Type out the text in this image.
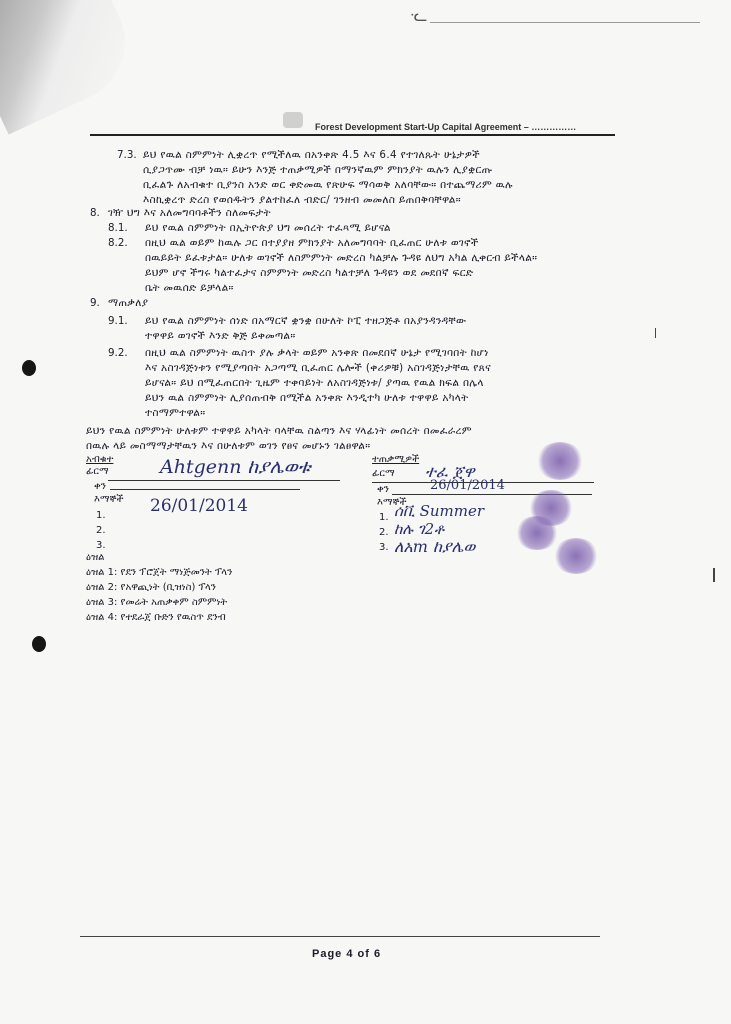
ᓦ
Forest Development Start-Up Capital Agreement – ……………
7.3. ይህ የዉል ስምምነት ሊቋረጥ የሚችለዉ በአንቀጽ 4.5 እና 6.4 የተገለጹት ሁኔታዎች
ሲያጋጥሙ ብቻ ነዉ። ይሁን እንጅ ተጠቃሚዎች በማንኛዉም ምክንያት ዉሉን ሊያቋርጡ
ቢፈልጉ ለአብቁተ ቢያንስ አንድ ወር ቀድመዉ የጽሁፍ ማሳወቅ አለባቸው። በተጨማሪም ዉሉ
እስኪቋረጥ ድረስ የወሰዱትን ያልተከፈለ ብድር/ ገንዘብ መመለስ ይጠበቅባቸዋል።
8. ገዥ ህግ እና አለመግባባቶችን ስለመፍታት
8.1. ይህ የዉል ስምምነት በኢትዮጵያ ህግ መሰረት ተፈጻሚ ይሆናል
8.2. በዚህ ዉል ወይም ከዉሉ ጋር በተያያዘ ምክንያት አለመግባባት ቢፈጠር ሁለቱ ወገኖች
በዉይይት ይፈቱታል። ሁለቱ ወገኖች ለስምምነት መድረስ ካልቻሉ ጉዳዩ ለህግ አካል ሊቀርብ ይችላል።
ይህም ሆኖ ችግሩ ካልተፈታና ስምምነት መድረስ ካልተቻለ ጉዳዩን ወደ መደበኛ ፍርድ
ቤት መዉሰድ ይቻላል።
9. ማጠቃለያ
9.1. ይህ የዉል ስምምነት ሰነድ በአማርኛ ቋንቋ በሁለት ኮፒ ተዘጋጅቶ በአያንዳንዳቸው
ተዋዋይ ወገኖች እንድ ቅጅ ይቀመጣል።
9.2. በዚህ ዉል ስምምነት ዉስጥ ያሉ ቃላት ወይም አንቀጽ በመደበኛ ሁኔታ የሚገባበት ከሆነ
እና አስገዳጅነቱን የሚያጣበት አጋጣሚ ቢፈጠር ሌሎች (ቀሪዎቹ) አስገዳጅነታቸዉ የጸና
ይሆናል። ይህ በሚፈጠርበት ጊዜም ተቀባይነት ለአስገዳጅነቱ/ ያጣዉ የዉል ክፍል በሌላ
ይህን ዉል ስምምነት ሊያሰጠብቅ በሚችል አንቀጽ እንዲተካ ሁለቱ ተዋዋይ አካላት
ተስማምተዋል።
ይህን የዉል ስምምነት ሁለቱም ተዋዋይ አካላት ባላቸዉ ስልጣን እና ሃላፊነት መሰረት በመፈራረም
በዉሉ ላይ መስማማታቸዉን እና በሁለቱም ወገን የፀና መሆኑን ገልፀዋል።
አብቁተ
ፊርማ	Ahtgenn ከያሌወቱ
ቀን
እማኞች 26/01/2014
1.
2.
3.
ተጠቃሚዎች
ፊርማ ተፈ ጀዋ
ቀን	26/01/2014
እማኞች
1. ሰቪ Summer
2. ከሉ ገ2ቶ
3. ለአm ከያሌወ
ዕዝል
ዕዝል 1: የደን ፕሮጀት ማነጅመንት ፕላን
ዕዝል 2: የአዋጪነት (ቢዝነስ) ፕላን
ዕዝል 3: የመሬት አጠቃቀም ስምምነት
ዕዝል 4: የተደራጀ ቡድን የዉስጥ ደንብ
Page 4 of 6
